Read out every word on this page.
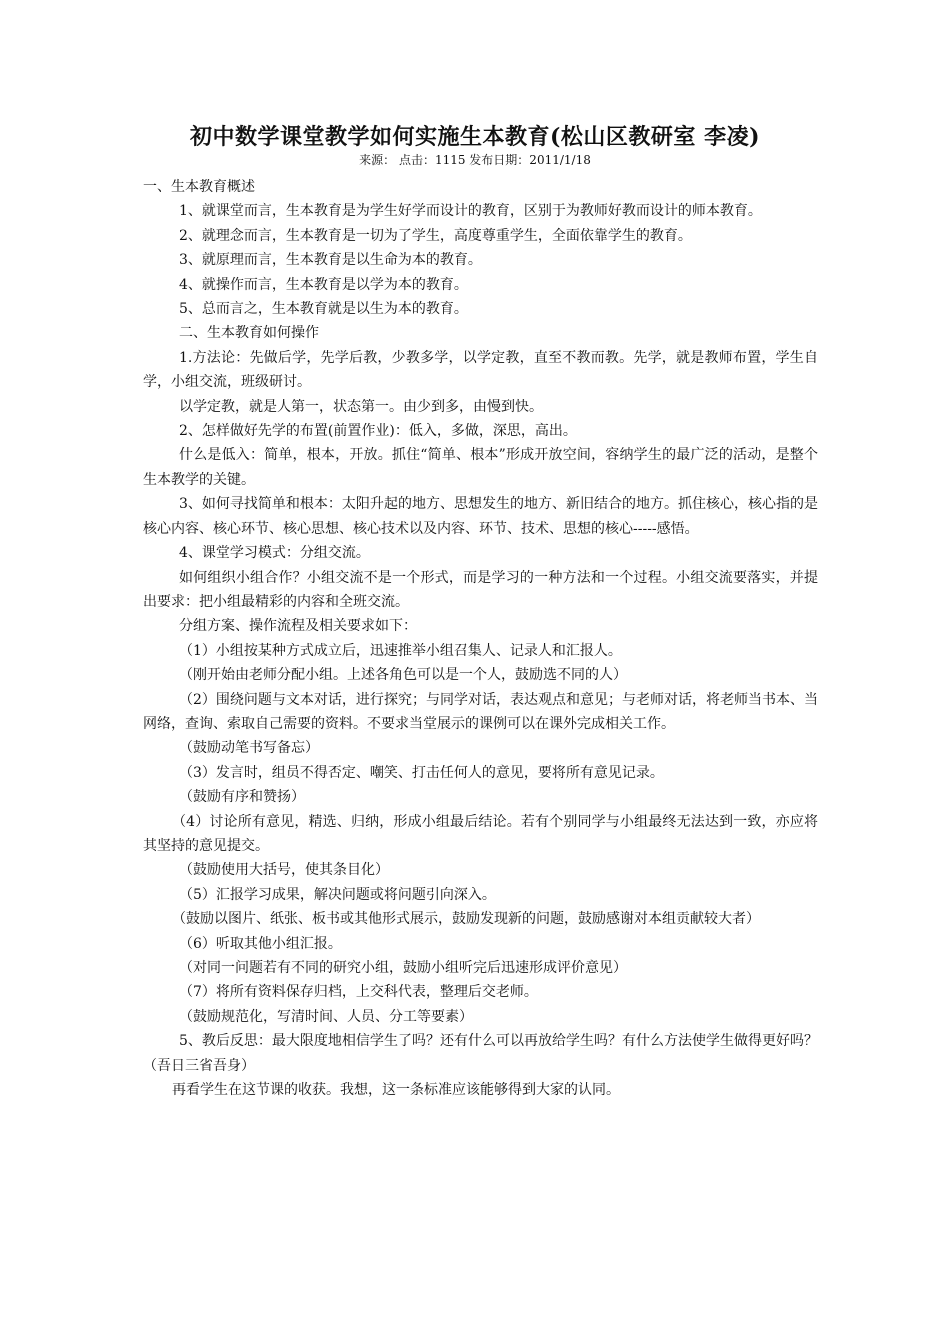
初中数学课堂教学如何实施生本教育(松山区教研室 李凌)
来源： 点击：1115 发布日期：2011/1/18

一、生本教育概述

1、就课堂而言，生本教育是为学生好学而设计的教育，区别于为教师好教而设计的师本教育。

2、就理念而言，生本教育是一切为了学生，高度尊重学生，全面依靠学生的教育。

3、就原理而言，生本教育是以生命为本的教育。

4、就操作而言，生本教育是以学为本的教育。

5、总而言之，生本教育就是以生为本的教育。

二、生本教育如何操作

1.方法论：先做后学，先学后教，少教多学，以学定教，直至不教而教。先学，就是教师布置，学生自学，小组交流，班级研讨。

以学定教，就是人第一，状态第一。由少到多，由慢到快。

2、怎样做好先学的布置(前置作业)：低入，多做，深思，高出。

什么是低入：简单，根本，开放。抓住“简单、根本”形成开放空间，容纳学生的最广泛的活动，是整个生本教学的关键。

3、如何寻找简单和根本：太阳升起的地方、思想发生的地方、新旧结合的地方。抓住核心，核心指的是核心内容、核心环节、核心思想、核心技术以及内容、环节、技术、思想的核心-----感悟。

4、课堂学习模式：分组交流。

如何组织小组合作？小组交流不是一个形式，而是学习的一种方法和一个过程。小组交流要落实，并提出要求：把小组最精彩的内容和全班交流。

分组方案、操作流程及相关要求如下：

（1）小组按某种方式成立后，迅速推举小组召集人、记录人和汇报人。

（刚开始由老师分配小组。上述各角色可以是一个人，鼓励选不同的人）

（2）围绕问题与文本对话，进行探究；与同学对话，表达观点和意见；与老师对话，将老师当书本、当网络，查询、索取自己需要的资料。不要求当堂展示的课例可以在课外完成相关工作。

（鼓励动笔书写备忘）

（3）发言时，组员不得否定、嘲笑、打击任何人的意见，要将所有意见记录。

（鼓励有序和赞扬）

（4）讨论所有意见，精选、归纳，形成小组最后结论。若有个别同学与小组最终无法达到一致，亦应将其坚持的意见提交。

（鼓励使用大括号，使其条目化）

（5）汇报学习成果，解决问题或将问题引向深入。

（鼓励以图片、纸张、板书或其他形式展示，鼓励发现新的问题，鼓励感谢对本组贡献较大者）

（6）听取其他小组汇报。

（对同一问题若有不同的研究小组，鼓励小组听完后迅速形成评价意见）

（7）将所有资料保存归档，上交科代表，整理后交老师。

（鼓励规范化，写清时间、人员、分工等要素）

5、教后反思：最大限度地相信学生了吗？还有什么可以再放给学生吗？有什么方法使学生做得更好吗？（吾日三省吾身）

再看学生在这节课的收获。我想，这一条标准应该能够得到大家的认同。
